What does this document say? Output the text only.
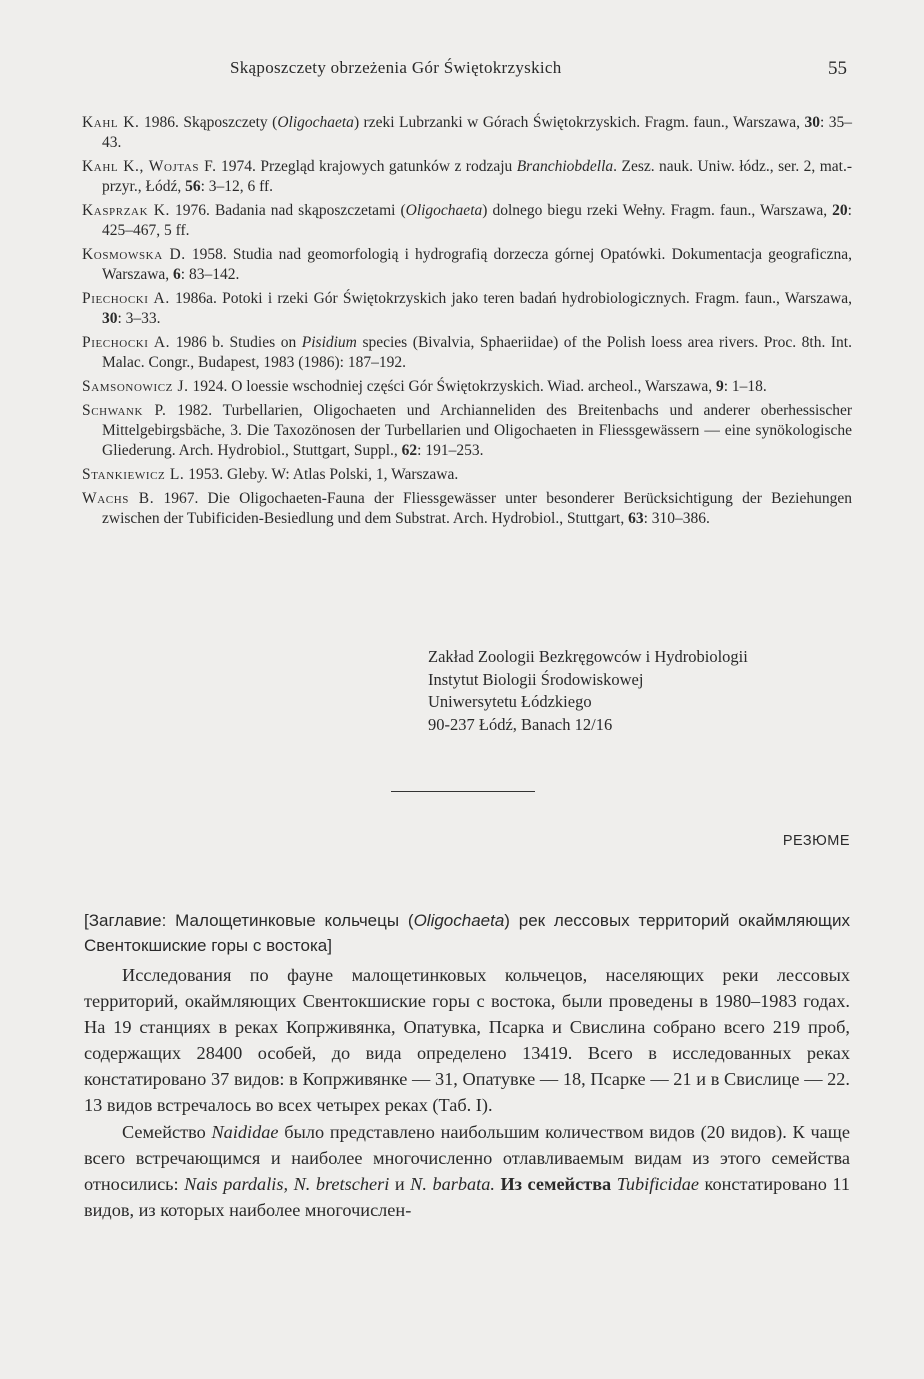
Skąposzczety obrzeżenia Gór Świętokrzyskich	55

Kahl K. 1986. Skąposzczety (Oligochaeta) rzeki Lubrzanki w Górach Świętokrzyskich. Fragm. faun., Warszawa, 30: 35–43.

Kahl K., Wojtas F. 1974. Przegląd krajowych gatunków z rodzaju Branchiobdella. Zesz. nauk. Uniw. łódz., ser. 2, mat.-przyr., Łódź, 56: 3–12, 6 ff.

Kasprzak K. 1976. Badania nad skąposzczetami (Oligochaeta) dolnego biegu rzeki Wełny. Fragm. faun., Warszawa, 20: 425–467, 5 ff.

Kosmowska D. 1958. Studia nad geomorfologią i hydrografią dorzecza górnej Opatówki. Dokumentacja geograficzna, Warszawa, 6: 83–142.

Piechocki A. 1986a. Potoki i rzeki Gór Świętokrzyskich jako teren badań hydrobiologicznych. Fragm. faun., Warszawa, 30: 3–33.

Piechocki A. 1986 b. Studies on Pisidium species (Bivalvia, Sphaeriidae) of the Polish loess area rivers. Proc. 8th. Int. Malac. Congr., Budapest, 1983 (1986): 187–192.

Samsonowicz J. 1924. O loessie wschodniej części Gór Świętokrzyskich. Wiad. archeol., Warszawa, 9: 1–18.

Schwank P. 1982. Turbellarien, Oligochaeten und Archianneliden des Breitenbachs und anderer oberhessischer Mittelgebirgsbäche, 3. Die Taxozönosen der Turbellarien und Oligochaeten in Fliessgewässern — eine synökologische Gliederung. Arch. Hydrobiol., Stuttgart, Suppl., 62: 191–253.

Stankiewicz L. 1953. Gleby. W: Atlas Polski, 1, Warszawa.

Wachs B. 1967. Die Oligochaeten-Fauna der Fliessgewässer unter besonderer Berücksichtigung der Beziehungen zwischen der Tubificiden-Besiedlung und dem Substrat. Arch. Hydrobiol., Stuttgart, 63: 310–386.

Zakład Zoologii Bezkręgowców i Hydrobiologii
Instytut Biologii Środowiskowej
Uniwersytetu Łódzkiego
90-237 Łódź, Banach 12/16
РЕЗЮМЕ
[Заглавие: Малощетинковые кольчецы (Oligochaeta) рек лессовых территорий окаймляющих Свентокшиские горы с востока]

Исследования по фауне малощетинковых кольчецов, населяющих реки лессовых территорий, окаймляющих Свентокшиские горы с востока, были проведены в 1980–1983 годах. На 19 станциях в реках Копрживянка, Опатувка, Псарка и Свислина собрано всего 219 проб, содержащих 28400 особей, до вида определено 13419. Всего в исследованных реках констатировано 37 видов: в Копрживянке — 31, Опатувке — 18, Псарке — 21 и в Свислице — 22. 13 видов встречалось во всех четырех реках (Таб. I).

Семейство Naididae было представлено наибольшим количеством видов (20 видов). К чаще всего встречающимся и наиболее многочисленно отлавливаемым видам из этого семейства относились: Nais pardalis, N. bretscheri и N. barbata. Из семейства Tubificidae констатировано 11 видов, из которых наиболее многочислен-
